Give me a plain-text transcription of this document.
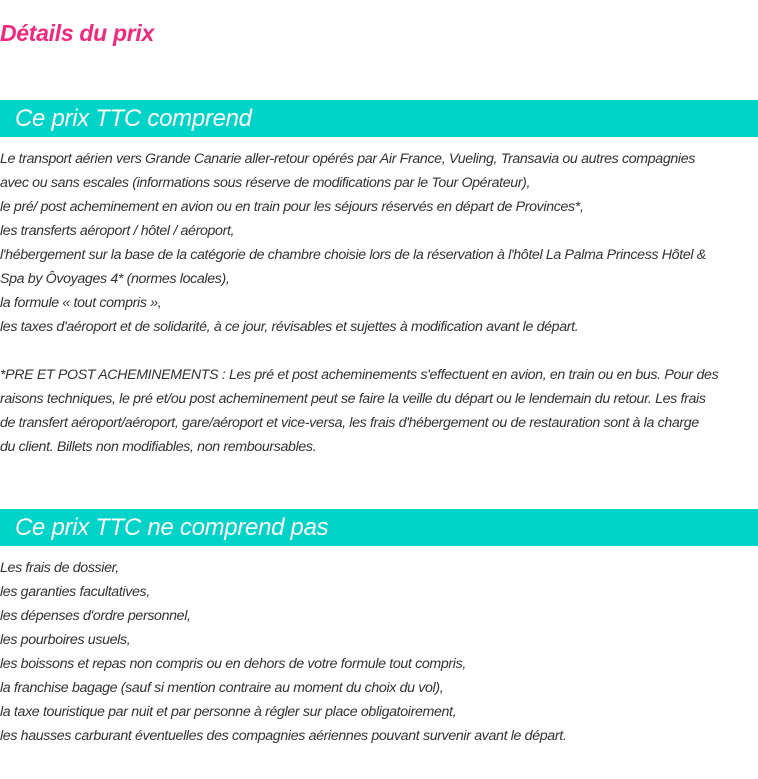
Détails du prix
Ce prix TTC comprend
Le transport aérien vers Grande Canarie aller-retour opérés par Air France, Vueling, Transavia ou autres compagnies
avec ou sans escales (informations sous réserve de modifications par le Tour Opérateur),
le pré/ post acheminement en avion ou en train pour les séjours réservés en départ de Provinces*,
les transferts aéroport / hôtel / aéroport,
l'hébergement sur la base de la catégorie de chambre choisie lors de la réservation à l'hôtel La Palma Princess Hôtel &
Spa by Ôvoyages 4* (normes locales),
la formule « tout compris »,
les taxes d'aéroport et de solidarité, à ce jour, révisables et sujettes à modification avant le départ.
*PRE ET POST ACHEMINEMENTS : Les pré et post acheminements s'effectuent en avion, en train ou en bus. Pour des
raisons techniques, le pré et/ou post acheminement peut se faire la veille du départ ou le lendemain du retour. Les frais
de transfert aéroport/aéroport, gare/aéroport et vice-versa, les frais d'hébergement ou de restauration sont à la charge
du client. Billets non modifiables, non remboursables.
Ce prix TTC ne comprend pas
Les frais de dossier,
les garanties facultatives,
les dépenses d'ordre personnel,
les pourboires usuels,
les boissons et repas non compris ou en dehors de votre formule tout compris,
la franchise bagage (sauf si mention contraire au moment du choix du vol),
la taxe touristique par nuit et par personne à régler sur place obligatoirement,
les hausses carburant éventuelles des compagnies aériennes pouvant survenir avant le départ.
